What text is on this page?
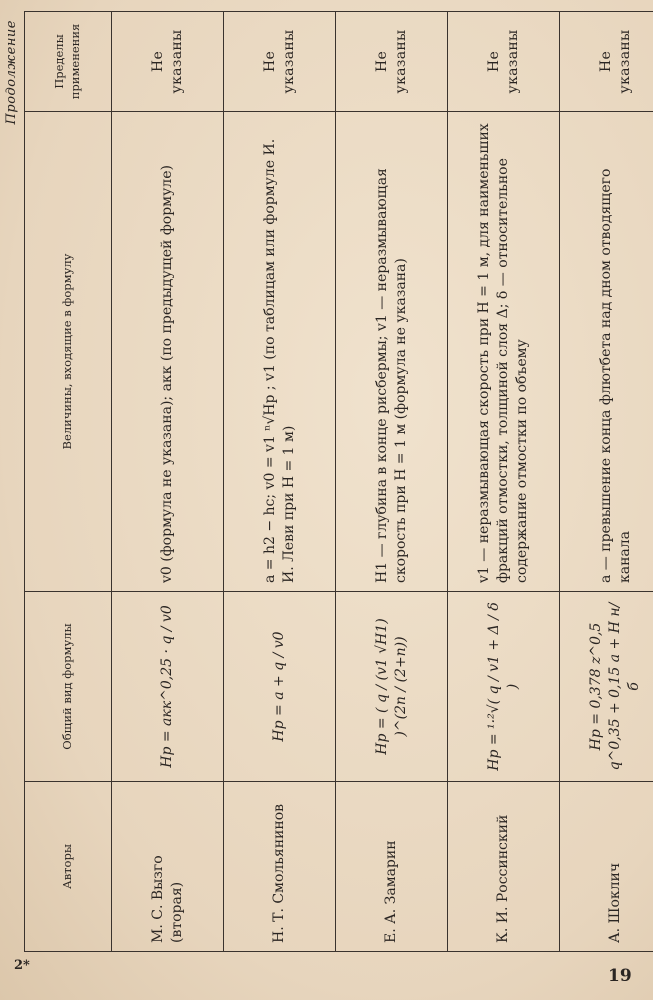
Продолжение
Авторы	Общий вид формулы	Величины, входящие в формулу	Пределы применения
М. С. Вызго (вторая)	Hр = aкк^0,25 · q / v0	v0 (формула не указана); aкк (по предыдущей формуле)	Не указаны
Н. Т. Смольянинов	Hр = a + q / v0	a = h2 − hc; v0 = v1 ⁿ√Hр ; v1 (по таблицам или формуле И. И. Леви при H = 1 м)	Не указаны
Е. А. Замарин	Hр = ( q / (v1 √H1) )^(2n / (2+n))	H1 — глубина в конце рисбермы; v1 — неразмывающая скорость при H = 1 м (формула не указана)	Не указаны
К. И. Россинский	Hр = ¹·²√( q / v1 + Δ / δ )	v1 — неразмывающая скорость при H = 1 м, для наименьших фракций отмостки, толщиной слоя Δ; δ — относительное содержание отмостки по объему	Не указаны
А. Шоклич	Hр = 0,378 z^0,5 q^0,35 + 0,15 a + H н/б	a — превышение конца флютбета над дном отводящего канала	Не указаны
2*
19
